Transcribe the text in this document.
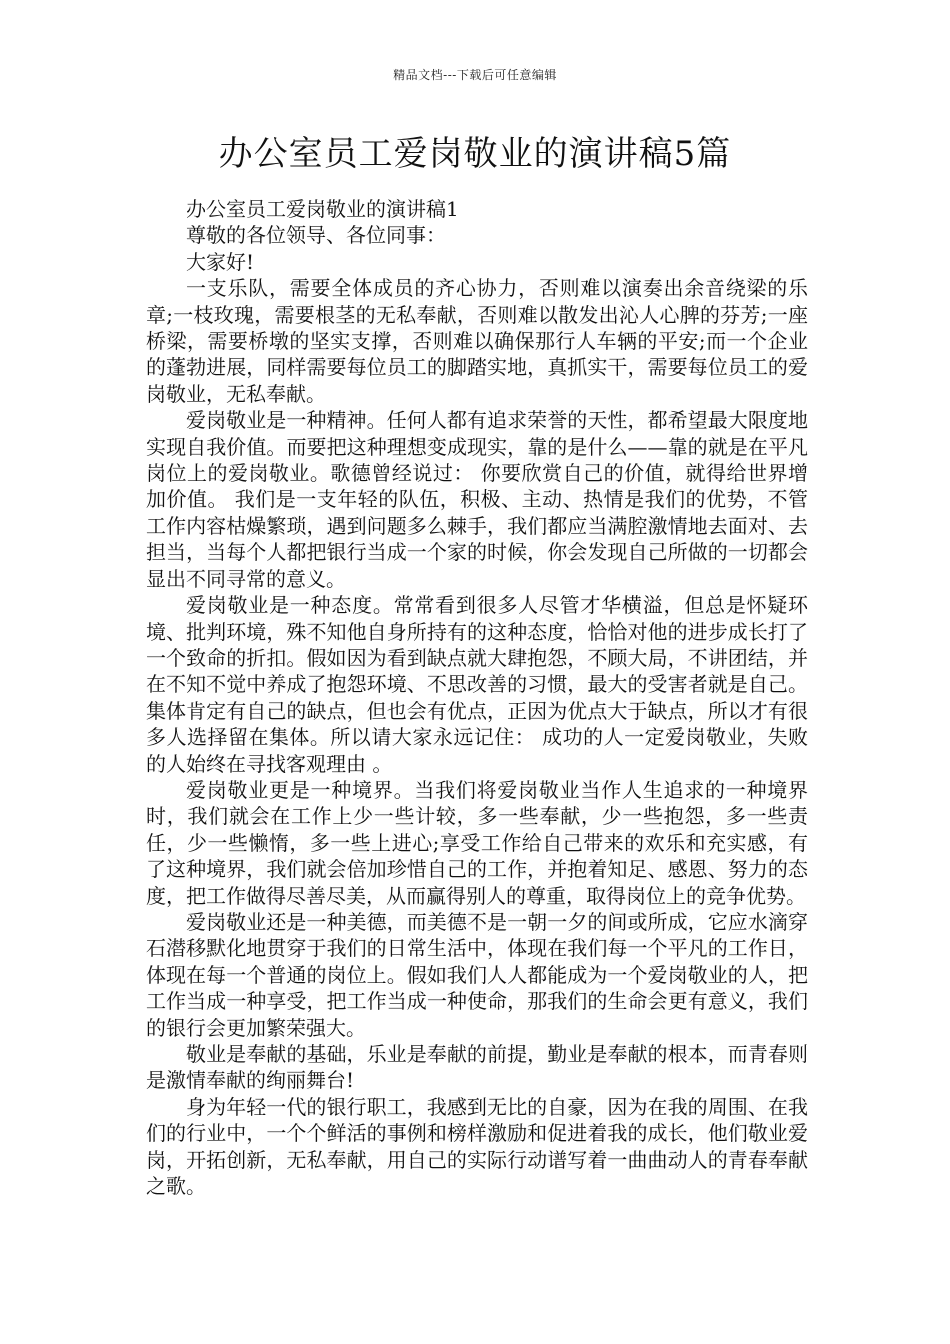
精品文档---下载后可任意编辑
办公室员工爱岗敬业的演讲稿5篇

办公室员工爱岗敬业的演讲稿1

尊敬的各位领导、各位同事：

大家好!

一支乐队，需要全体成员的齐心协力，否则难以演奏出余音绕梁的乐章;一枝玫瑰，需要根茎的无私奉献，否则难以散发出沁人心脾的芬芳;一座桥梁，需要桥墩的坚实支撑，否则难以确保那行人车辆的平安;而一个企业的蓬勃进展，同样需要每位员工的脚踏实地，真抓实干，需要每位员工的爱岗敬业，无私奉献。

爱岗敬业是一种精神。任何人都有追求荣誉的天性，都希望最大限度地实现自我价值。而要把这种理想变成现实，靠的是什么——靠的就是在平凡岗位上的爱岗敬业。歌德曾经说过： 你要欣赏自己的价值，就得给世界增加价值。 我们是一支年轻的队伍，积极、主动、热情是我们的优势，不管工作内容枯燥繁琐，遇到问题多么棘手，我们都应当满腔激情地去面对、去担当，当每个人都把银行当成一个家的时候，你会发现自己所做的一切都会显出不同寻常的意义。

爱岗敬业是一种态度。常常看到很多人尽管才华横溢，但总是怀疑环境、批判环境，殊不知他自身所持有的这种态度，恰恰对他的进步成长打了一个致命的折扣。假如因为看到缺点就大肆抱怨，不顾大局，不讲团结，并在不知不觉中养成了抱怨环境、不思改善的习惯，最大的受害者就是自己。集体肯定有自己的缺点，但也会有优点，正因为优点大于缺点，所以才有很多人选择留在集体。所以请大家永远记住： 成功的人一定爱岗敬业，失败的人始终在寻找客观理由 。

爱岗敬业更是一种境界。当我们将爱岗敬业当作人生追求的一种境界时，我们就会在工作上少一些计较，多一些奉献，少一些抱怨，多一些责任，少一些懒惰，多一些上进心;享受工作给自己带来的欢乐和充实感，有了这种境界，我们就会倍加珍惜自己的工作，并抱着知足、感恩、努力的态度，把工作做得尽善尽美，从而赢得别人的尊重，取得岗位上的竞争优势。

爱岗敬业还是一种美德，而美德不是一朝一夕的间或所成，它应水滴穿石潜移默化地贯穿于我们的日常生活中，体现在我们每一个平凡的工作日，体现在每一个普通的岗位上。假如我们人人都能成为一个爱岗敬业的人，把工作当成一种享受，把工作当成一种使命，那我们的生命会更有意义，我们的银行会更加繁荣强大。

敬业是奉献的基础，乐业是奉献的前提，勤业是奉献的根本，而青春则是激情奉献的绚丽舞台!

身为年轻一代的银行职工，我感到无比的自豪，因为在我的周围、在我们的行业中，一个个鲜活的事例和榜样激励和促进着我的成长，他们敬业爱岗，开拓创新，无私奉献，用自己的实际行动谱写着一曲曲动人的青春奉献之歌。
